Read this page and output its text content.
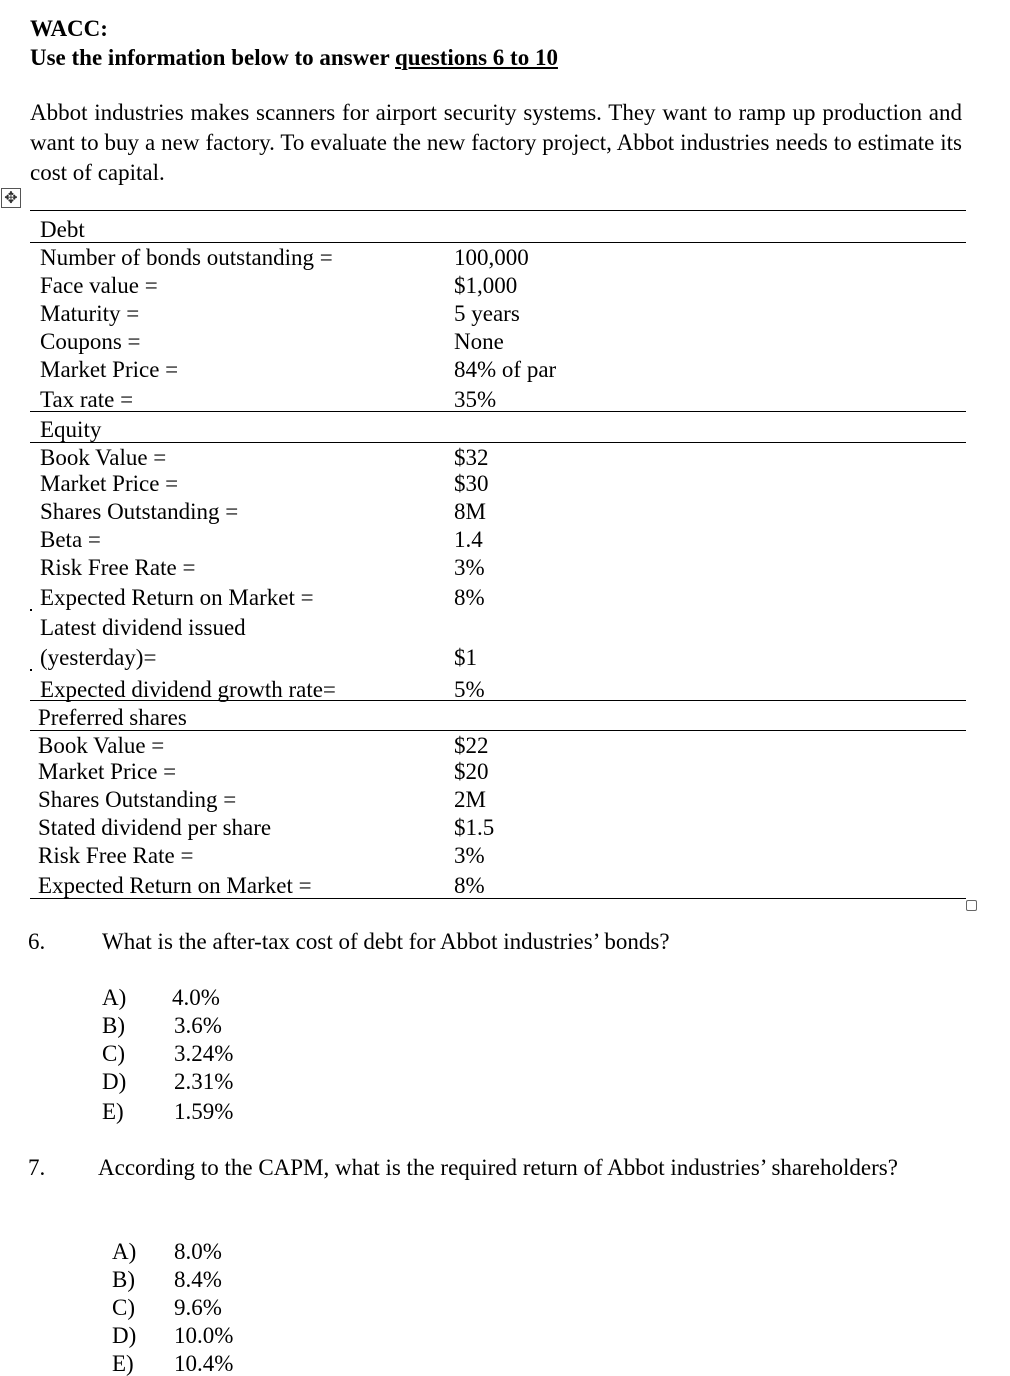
WACC:
Use the information below to answer questions 6 to 10
Abbot industries makes scanners for airport security systems. They want to ramp up production and want to buy a new factory. To evaluate the new factory project, Abbot industries needs to estimate its cost of capital.
✥
Debt
Number of bonds outstanding =	100,000
Face value =	$1,000
Maturity =	5 years
Coupons =	None
Market Price =	84% of par
Tax rate =	35%
Equity
Book Value =	$32
Market Price =	$30
Shares Outstanding =	8M
Beta =	1.4
Risk Free Rate =	3%
Expected Return on Market =	8%
Latest dividend issued
(yesterday)=	$1
Expected dividend growth rate=	5%
Preferred shares
Book Value =	$22
Market Price =	$20
Shares Outstanding =	2M
Stated dividend per share	$1.5
Risk Free Rate =	3%
Expected Return on Market =	8%
6. What is the after-tax cost of debt for Abbot industries’ bonds?
A) 4.0%
B) 3.6%
C) 3.24%
D) 2.31%
E) 1.59%
7. According to the CAPM, what is the required return of Abbot industries’ shareholders?
A) 8.0%
B) 8.4%
C) 9.6%
D) 10.0%
E) 10.4%
